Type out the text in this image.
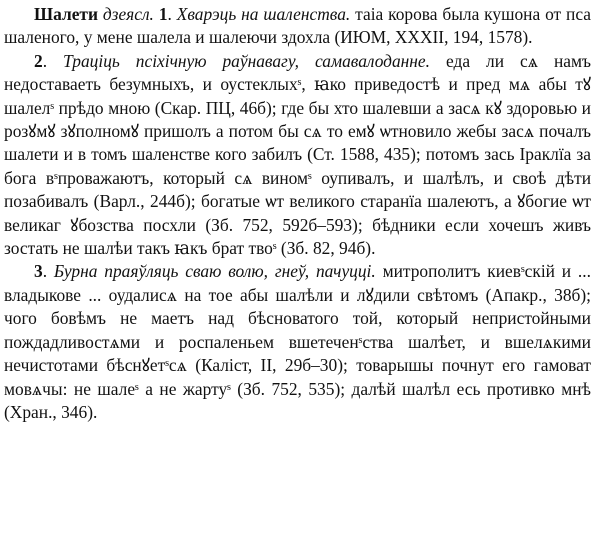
Шалети дзеясл. 1. Хварэць на шаленства. таіа корова была кушона от пса шаленого, у мене шалела и шалеючи здохла (ИЮМ, XXXII, 194, 1578).

2. Траціць псіхічную раўнавагу, самавалоданне. еда ли сѧ намъ недоставаеть безумныхъ, и оустеклыхˢ, ꙗко приведостѣ и пред мѧ абы тꙋ шалелˢ прѣдо мною (Скар. ПЦ, 46б); где бы хто шалевши а засѧ кꙋ здоровью и розꙋмꙋ зꙋполномꙋ пришолъ а потом бы сѧ то емꙋ ѡтновило жебы засѧ почалъ шалети и в томъ шаленстве кого забилъ (Ст. 1588, 435); потомъ зась Іраклїа за бога вˢпроважаютъ, который сѧ виномˢ оупивалъ, и шалѣлъ, и своѣ дѣти позабивалъ (Варл., 244б); богатые ѡт великого старанїа шалеютъ, а ꙋбогие ѡт великаг ꙋбозства посхли (Зб. 752, 592б–593); бѣдники если хочешъ живъ зостать не шалѣи такъ ꙗкъ брат твоˢ (Зб. 82, 94б).

3. Бурна праяўляць сваю волю, гнеў, пачуцці. митрополитъ киевˢскій и ... владыкове ... оудалисѧ на тое абы шалѣли и лꙋдили свѣтомъ (Апакр., 38б); чого бовѣмъ не маетъ над бѣсноватого той, который непристойными пождадливостѧми и роспаленьем вшетеченˢства шалѣет, и вшелѧкими нечистотами бѣснꙋетˢсѧ (Каліст, II, 29б–30); товарышы почнут его гамоват мовѧчы: не шалеˢ а не жартуˢ (Зб. 752, 535); далѣй шалѣл есь противко мнѣ (Хран., 346).
